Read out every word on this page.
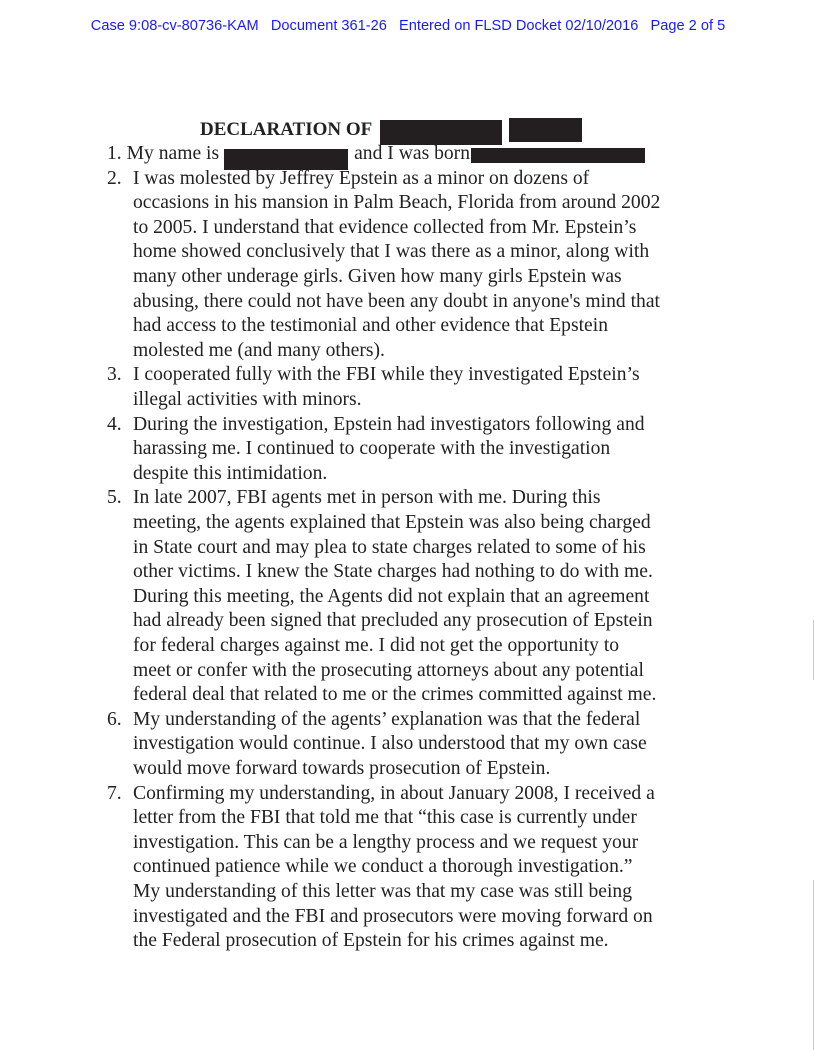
Case 9:08-cv-80736-KAM   Document 361-26   Entered on FLSD Docket 02/10/2016   Page 2 of 5
DECLARATION OF
1. My name is	and I was born
2. I was molested by Jeffrey Epstein as a minor on dozens of
occasions in his mansion in Palm Beach, Florida from around 2002
to 2005. I understand that evidence collected from Mr. Epstein’s
home showed conclusively that I was there as a minor, along with
many other underage girls. Given how many girls Epstein was
abusing, there could not have been any doubt in anyone's mind that
had access to the testimonial and other evidence that Epstein
molested me (and many others).
3. I cooperated fully with the FBI while they investigated Epstein’s
illegal activities with minors.
4. During the investigation, Epstein had investigators following and
harassing me. I continued to cooperate with the investigation
despite this intimidation.
5. In late 2007, FBI agents met in person with me. During this
meeting, the agents explained that Epstein was also being charged
in State court and may plea to state charges related to some of his
other victims. I knew the State charges had nothing to do with me.
During this meeting, the Agents did not explain that an agreement
had already been signed that precluded any prosecution of Epstein
for federal charges against me. I did not get the opportunity to
meet or confer with the prosecuting attorneys about any potential
federal deal that related to me or the crimes committed against me.
6. My understanding of the agents’ explanation was that the federal
investigation would continue. I also understood that my own case
would move forward towards prosecution of Epstein.
7. Confirming my understanding, in about January 2008, I received a
letter from the FBI that told me that “this case is currently under
investigation. This can be a lengthy process and we request your
continued patience while we conduct a thorough investigation.”
My understanding of this letter was that my case was still being
investigated and the FBI and prosecutors were moving forward on
the Federal prosecution of Epstein for his crimes against me.
